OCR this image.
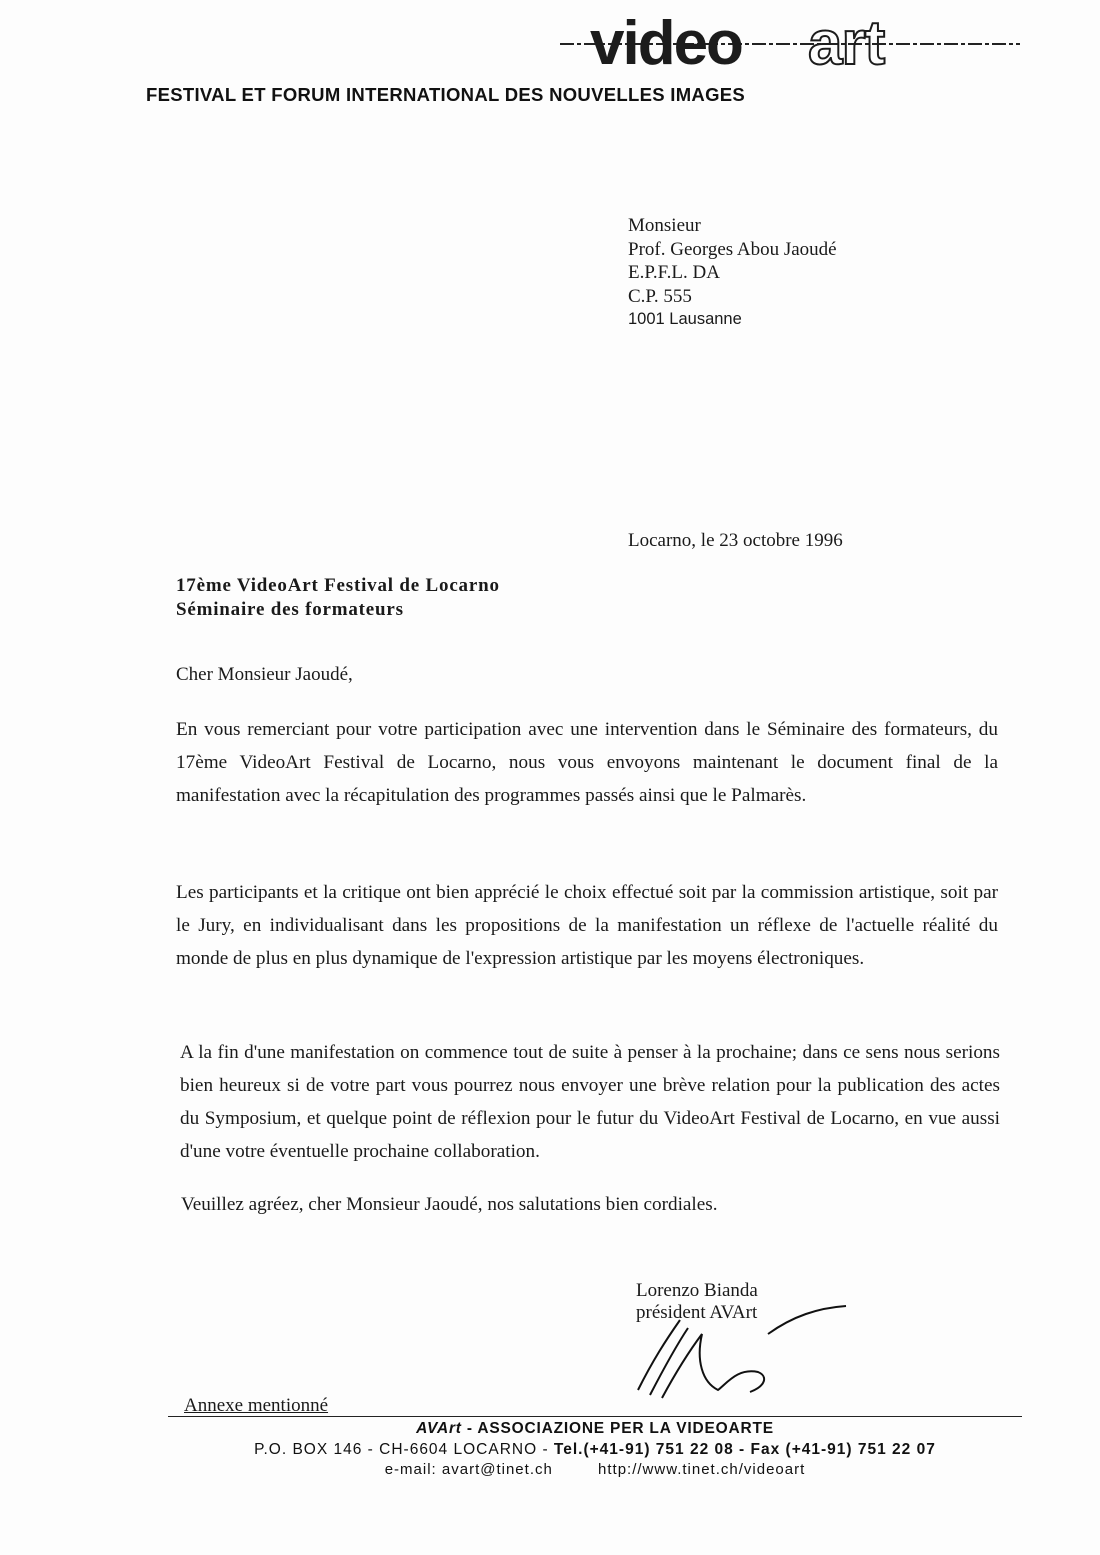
video art
FESTIVAL ET FORUM INTERNATIONAL DES NOUVELLES IMAGES
Monsieur
Prof. Georges Abou Jaoudé
E.P.F.L. DA
C.P. 555
1001 Lausanne
Locarno, le 23 octobre 1996
17ème VideoArt Festival de Locarno
Séminaire des formateurs
Cher Monsieur Jaoudé,
En vous remerciant pour votre participation avec une intervention dans le Séminaire des formateurs, du 17ème VideoArt Festival de Locarno, nous vous envoyons maintenant le document final de la manifestation avec la récapitulation des programmes passés ainsi que le Palmarès.
Les participants et la critique ont bien apprécié le choix effectué soit par la commission artistique, soit par le Jury, en individualisant dans les propositions de la manifestation un réflexe de l'actuelle réalité du monde de plus en plus dynamique de l'expression artistique par les moyens électroniques.
A la fin d'une manifestation on commence tout de suite à penser à la prochaine; dans ce sens nous serions bien heureux si de votre part vous pourrez nous envoyer une brève relation pour la publication des actes du Symposium, et quelque point de réflexion pour le futur du VideoArt Festival de Locarno, en vue aussi d'une votre éventuelle prochaine collaboration.
Veuillez agréez, cher Monsieur Jaoudé, nos salutations bien cordiales.
Lorenzo Bianda
président AVArt
Annexe mentionné
AVArt - ASSOCIAZIONE PER LA VIDEOARTE
P.O. BOX 146 - CH-6604 LOCARNO - Tel.(+41-91) 751 22 08 - Fax (+41-91) 751 22 07
e-mail: avart@tinet.ch	http://www.tinet.ch/videoart
